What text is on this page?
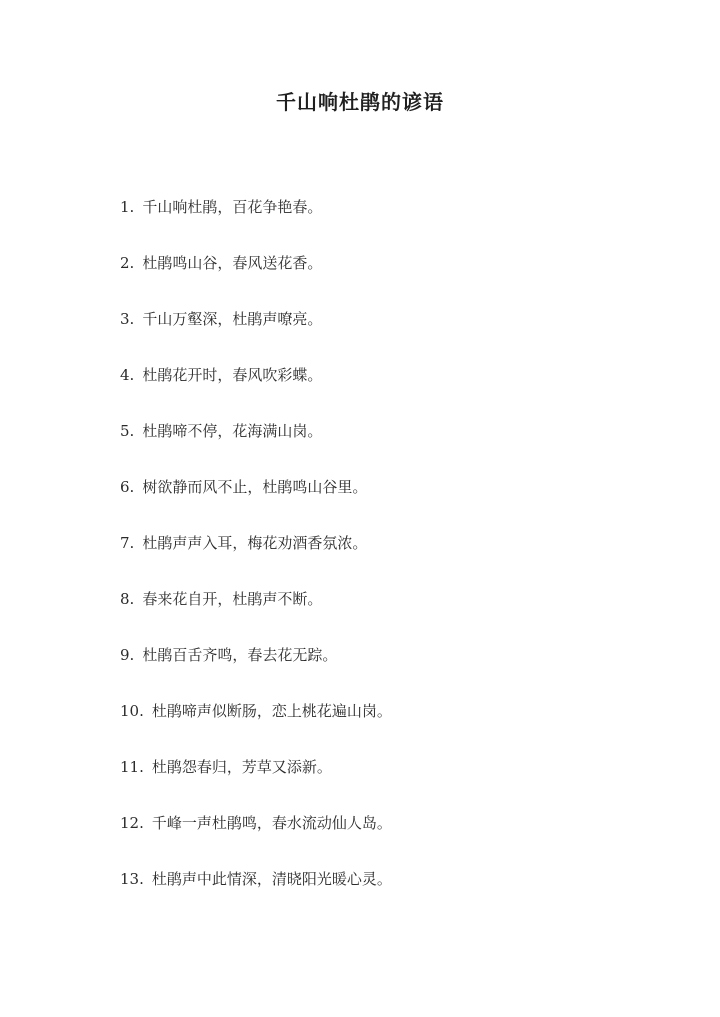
千山响杜鹃的谚语
1. 千山响杜鹃，百花争艳春。
2. 杜鹃鸣山谷，春风送花香。
3. 千山万壑深，杜鹃声嘹亮。
4. 杜鹃花开时，春风吹彩蝶。
5. 杜鹃啼不停，花海满山岗。
6. 树欲静而风不止，杜鹃鸣山谷里。
7. 杜鹃声声入耳，梅花劝酒香氛浓。
8. 春来花自开，杜鹃声不断。
9. 杜鹃百舌齐鸣，春去花无踪。
10. 杜鹃啼声似断肠，恋上桃花遍山岗。
11. 杜鹃怨春归，芳草又添新。
12. 千峰一声杜鹃鸣，春水流动仙人岛。
13. 杜鹃声中此情深，清晓阳光暖心灵。
